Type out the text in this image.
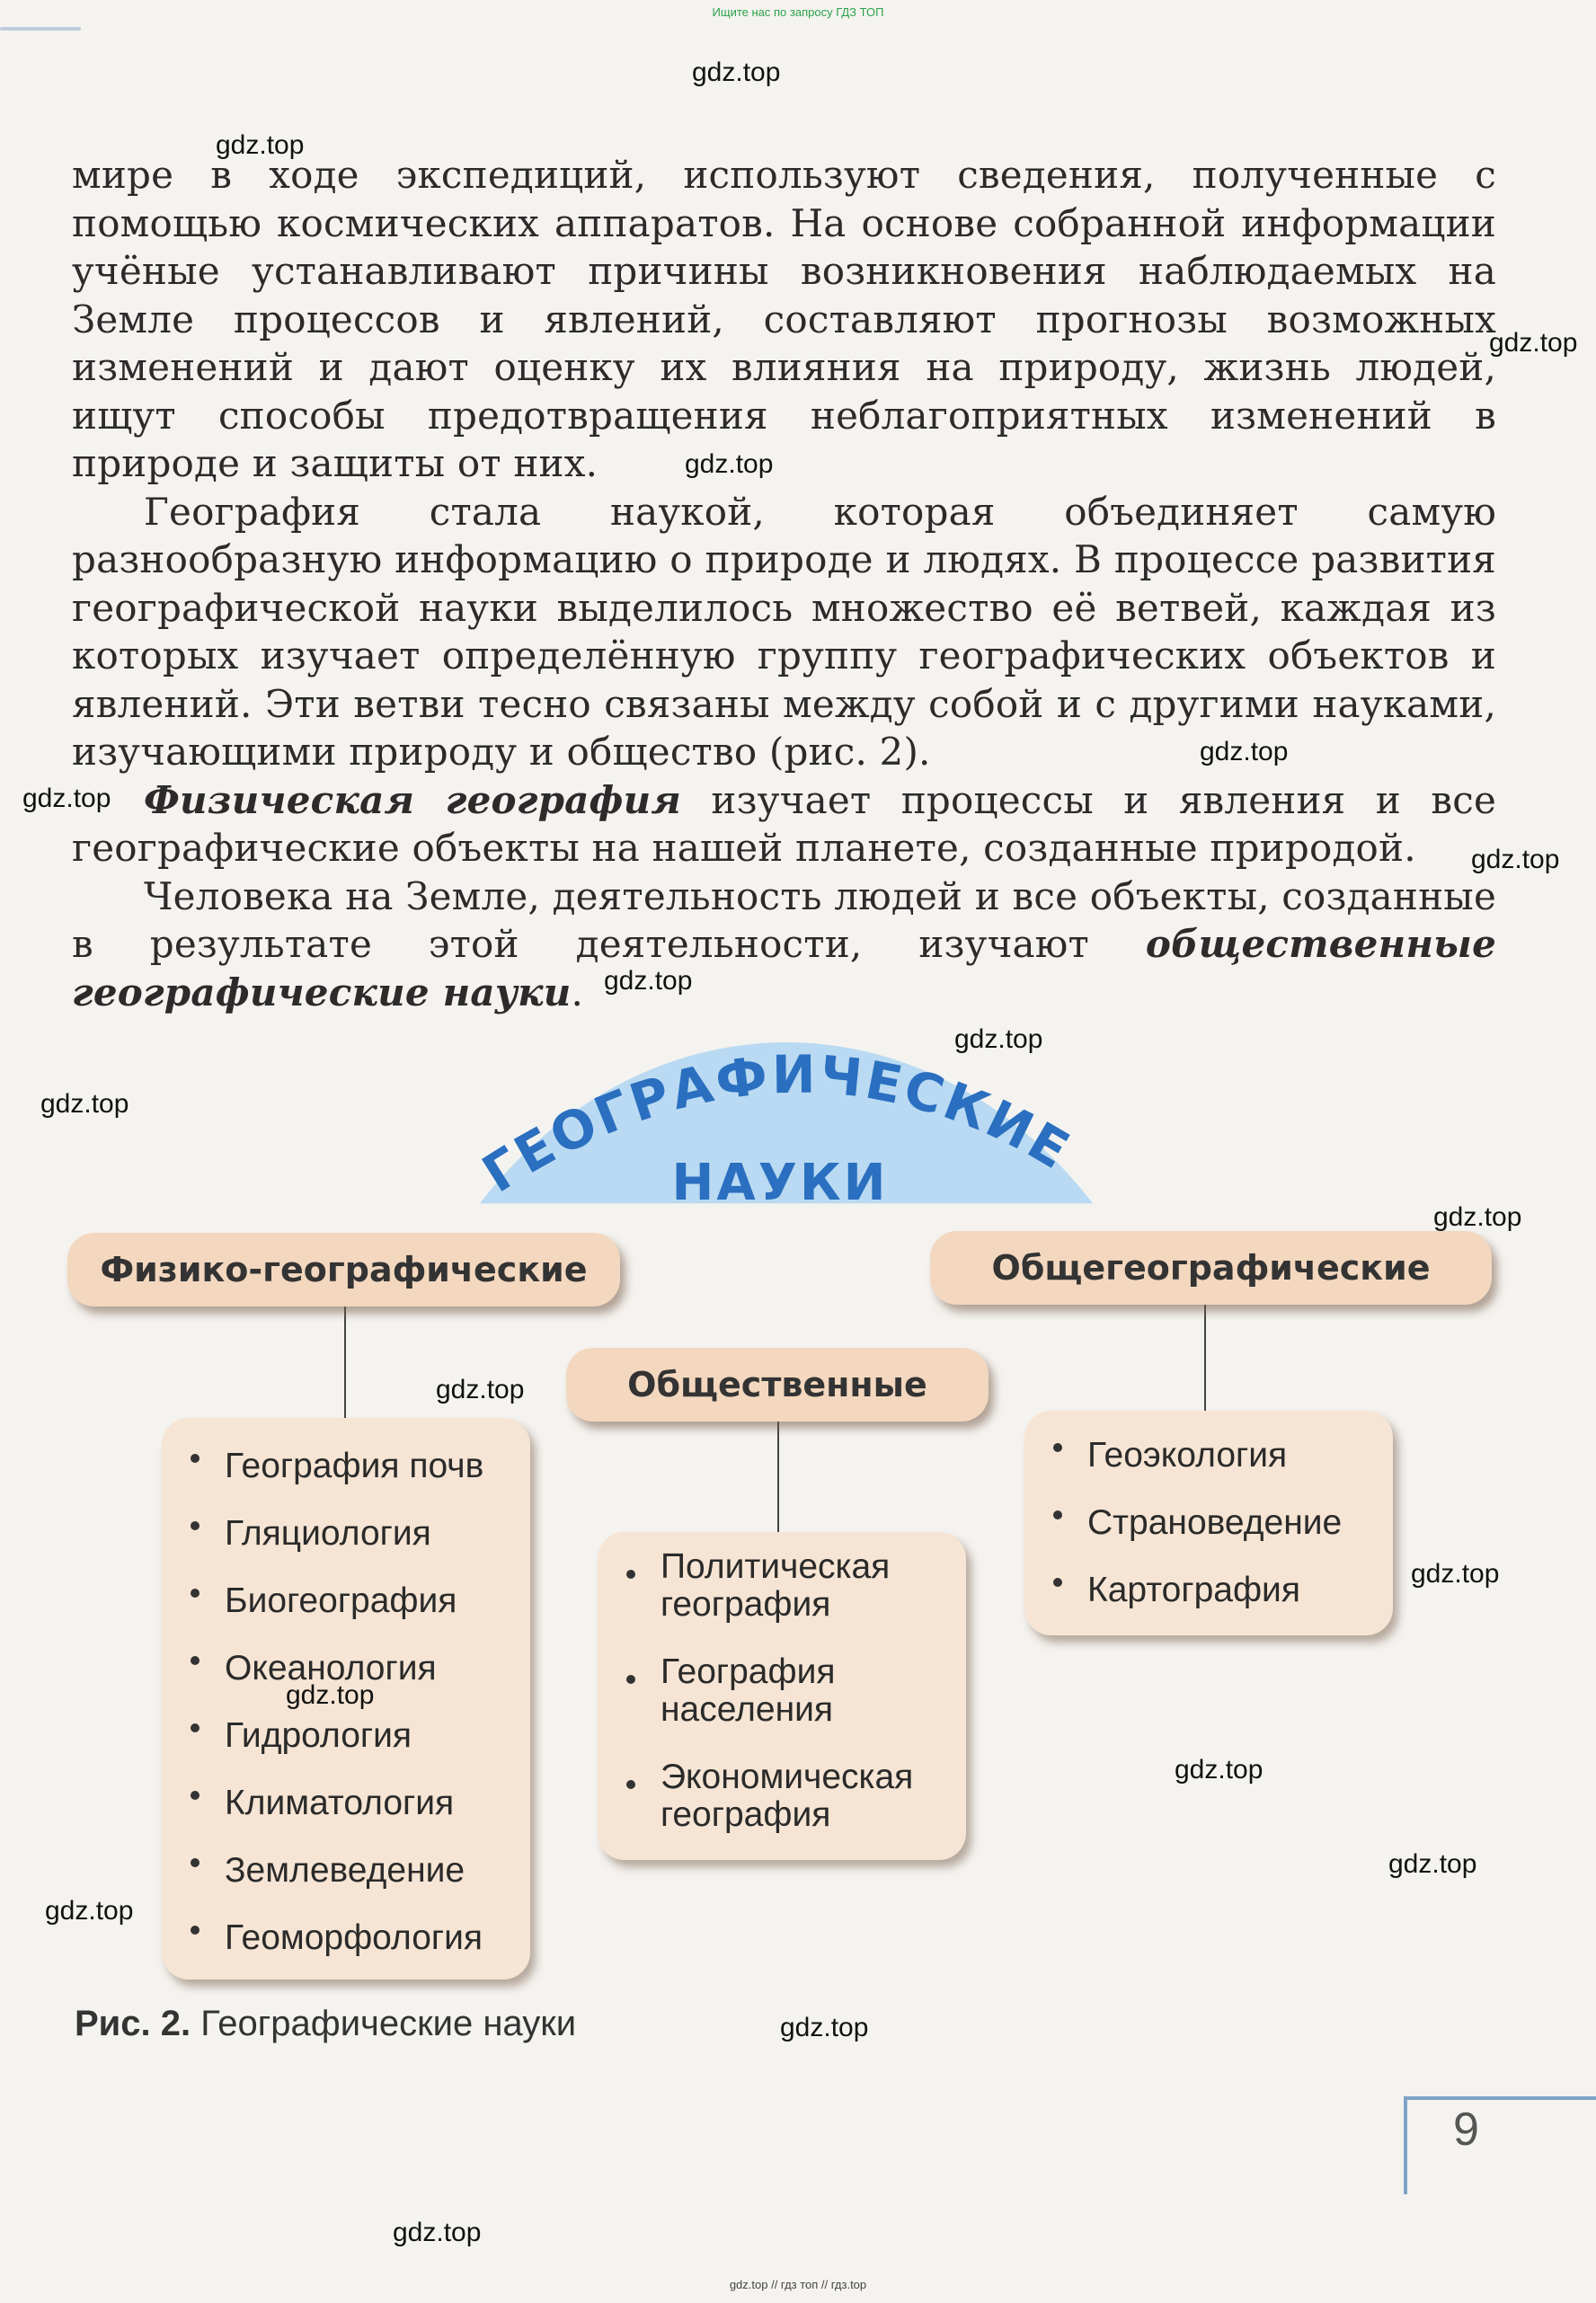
Ищите нас по запросу ГДЗ ТОП

мире в ходе экспедиций, используют сведения, полученные с помощью космических аппаратов. На основе собранной информации учёные устанавливают причины возникновения наблюдаемых на Земле процессов и явлений, составляют прогнозы возможных изменений и дают оценку их влияния на природу, жизнь людей, ищут способы предотвращения неблагоприятных изменений в природе и защиты от них.

География стала наукой, которая объединяет самую разнообразную информацию о природе и людях. В процессе развития географической науки выделилось множество её ветвей, каждая из которых изучает определённую группу географических объектов и явлений. Эти ветви тесно связаны между собой и с другими науками, изучающими природу и общество (рис. 2).

Физическая география изучает процессы и явления и все географические объекты на нашей планете, созданные природой.

Человека на Земле, деятельность людей и все объекты, созданные в результате этой деятельности, изучают общественные географические науки.

ГЕОГРАФИЧЕСКИЕ
НАУКИ
Физико-географические	Общегеографические
Общественные
География почв
Гляциология
Биогеография
Океанология
Гидрология
Климатология
Землеведение
Геоморфология
Политическая география
География населения
Экономическая география
Геоэкология
Страноведение
Картография
Рис. 2. Географические науки
9
gdz.top
gdz.top
gdz.top
gdz.top
gdz.top
gdz.top
gdz.top
gdz.top
gdz.top
gdz.top
gdz.top
gdz.top
gdz.top
gdz.top
gdz.top
gdz.top
gdz.top
gdz.top
gdz.top
gdz.top // гдз топ // гдз.top
